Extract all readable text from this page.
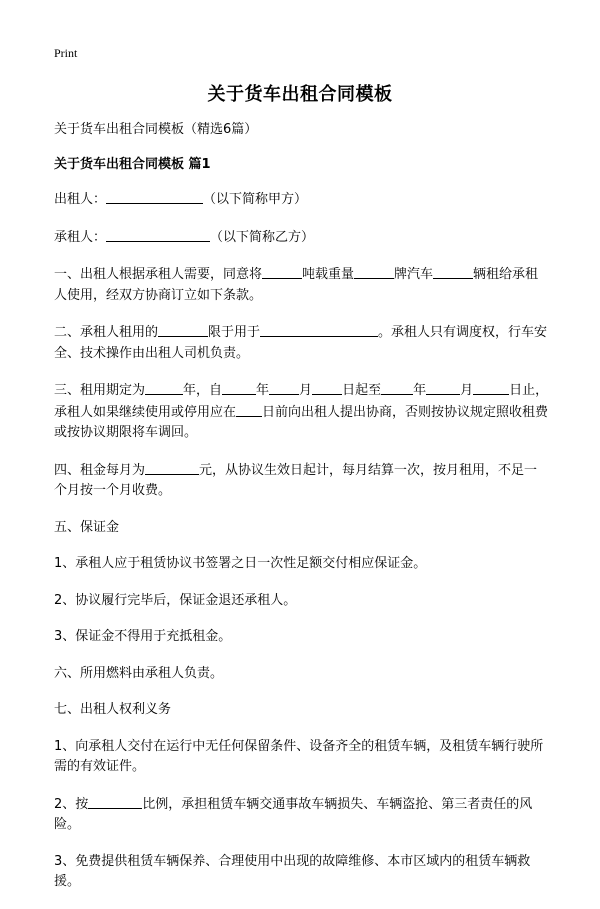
Print
关于货车出租合同模板

关于货车出租合同模板（精选6篇）

关于货车出租合同模板 篇1

出租人：	（以下简称甲方）

承租人：	（以下简称乙方）

一、出租人根据承租人需要，同意将	吨载重量	牌汽车	辆租给承租人使用，经双方协商订立如下条款。

二、承租人租用的	限于用于	。承租人只有调度权，行车安全、技术操作由出租人司机负责。

三、租用期定为	年，自	年 月 日起至 年	月	日止，承租人如果继续使用或停用应在 日前向出租人提出协商，否则按协议规定照收租费或按协议期限将车调回。

四、租金每月为	元，从协议生效日起计，每月结算一次，按月租用，不足一个月按一个月收费。

五、保证金

1、承租人应于租赁协议书签署之日一次性足额交付相应保证金。

2、协议履行完毕后，保证金退还承租人。

3、保证金不得用于充抵租金。

六、所用燃料由承租人负责。

七、出租人权利义务

1、向承租人交付在运行中无任何保留条件、设备齐全的租赁车辆，及租赁车辆行驶所需的有效证件。

2、按	比例，承担租赁车辆交通事故车辆损失、车辆盗抢、第三者责任的风险。

3、免费提供租赁车辆保养、合理使用中出现的故障维修、本市区域内的租赁车辆救援。
